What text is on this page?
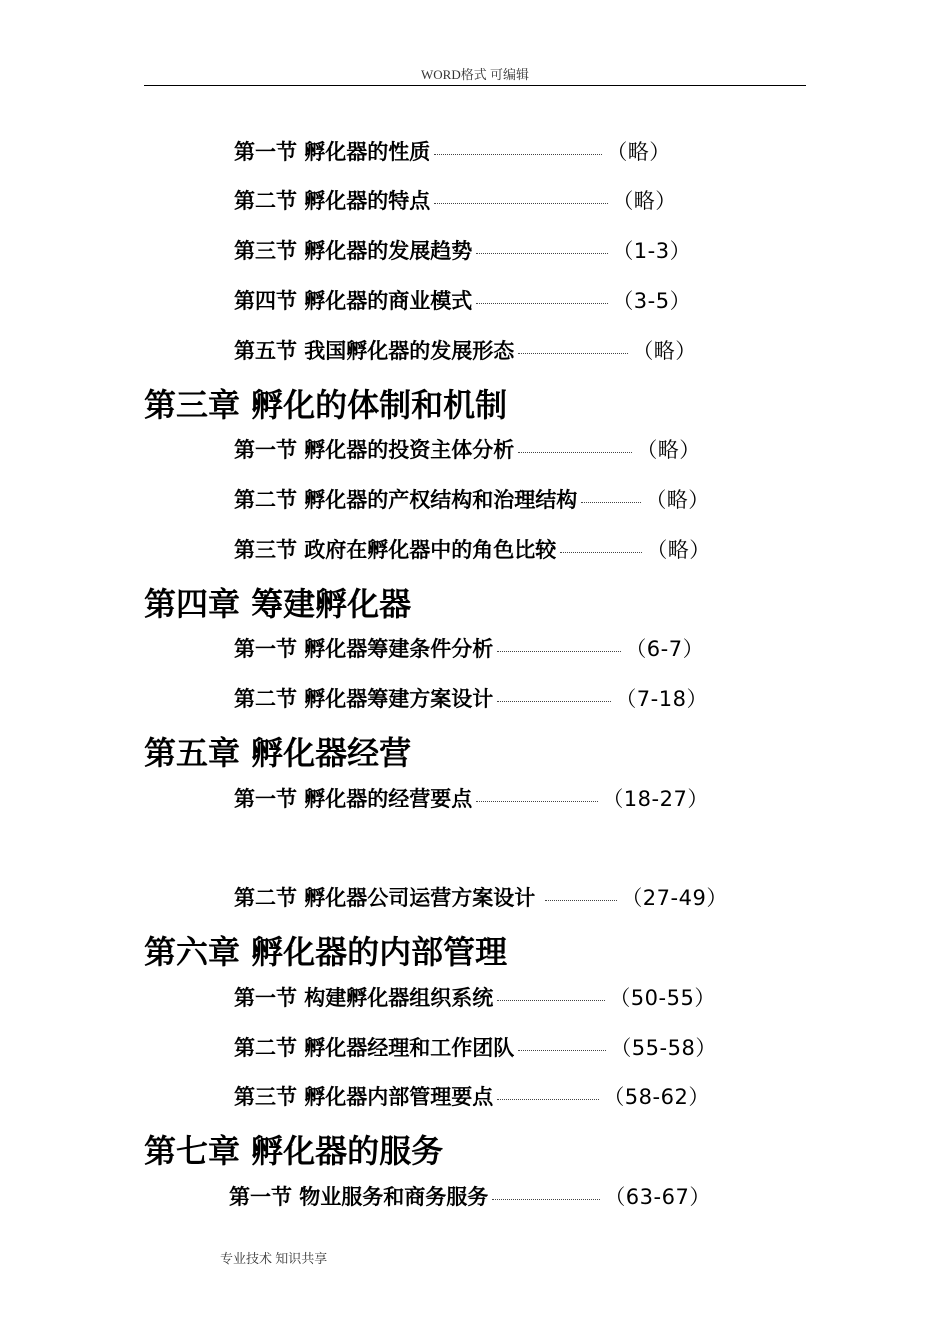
WORD格式 可编辑
第一节 孵化器的性质	（略）
第二节 孵化器的特点	（略）
第三节 孵化器的发展趋势	（1-3）
第四节 孵化器的商业模式	（3-5）
第五节 我国孵化器的发展形态	（略）
第三章 孵化的体制和机制
第一节 孵化器的投资主体分析	（略）
第二节 孵化器的产权结构和治理结构	（略）
第三节 政府在孵化器中的角色比较	（略）
第四章 筹建孵化器
第一节 孵化器筹建条件分析	（6-7）
第二节 孵化器筹建方案设计	（7-18）
第五章 孵化器经营
第一节 孵化器的经营要点	（18-27）
第二节 孵化器公司运营方案设计	（27-49）
第六章 孵化器的内部管理
第一节 构建孵化器组织系统	（50-55）
第二节 孵化器经理和工作团队	（55-58）
第三节 孵化器内部管理要点	（58-62）
第七章 孵化器的服务
第一节 物业服务和商务服务	（63-67）
专业技术 知识共享
